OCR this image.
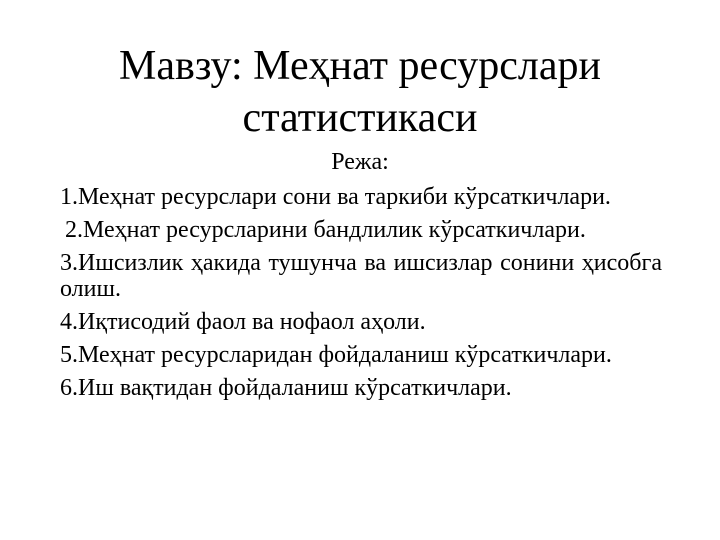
Мавзу: Меҳнат ресурслари статистикаси
Режа:
1.Меҳнат ресурслари сони ва таркиби кўрсаткичлари.
2.Меҳнат ресурсларини бандлилик кўрсаткичлари.
3.Ишсизлик ҳакида тушунча ва ишсизлар сонини ҳисобга олиш.
4.Иқтисодий фаол ва нофаол аҳоли.
5.Меҳнат ресурсларидан фойдаланиш кўрсаткичлари.
6.Иш вақтидан фойдаланиш кўрсаткичлари.
